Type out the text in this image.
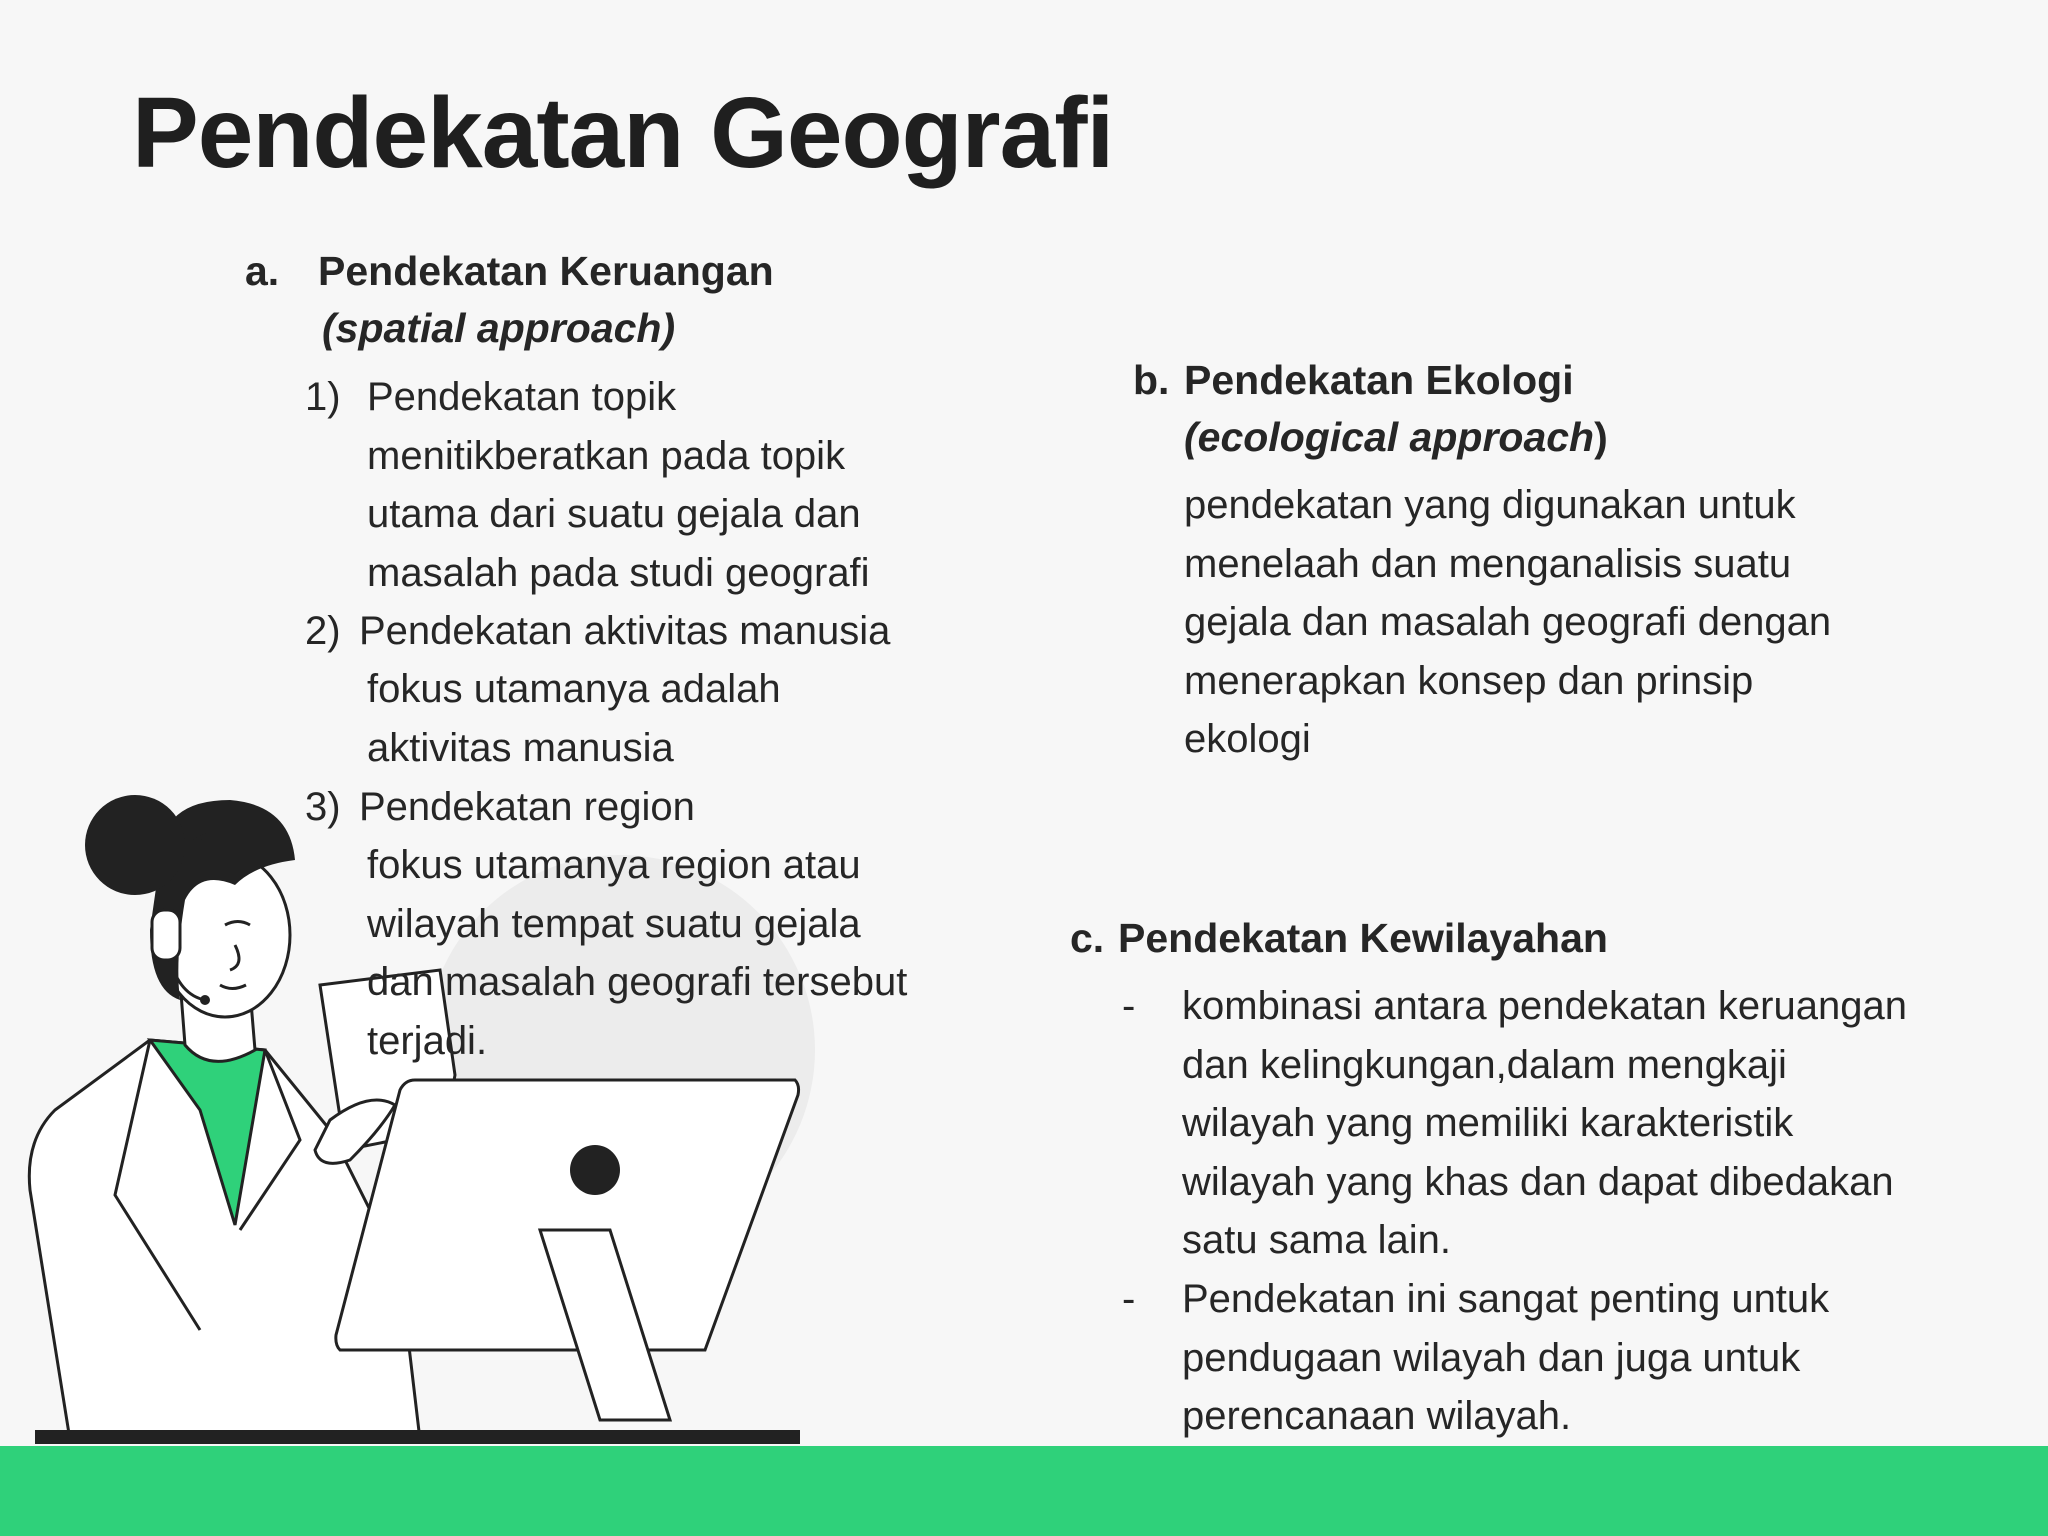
Pendekatan Geografi
a. Pendekatan Keruangan
(spatial approach)
1) Pendekatan topik
menitikberatkan pada topik
utama dari suatu gejala dan
masalah pada studi geografi
2) Pendekatan aktivitas manusia
fokus utamanya adalah
aktivitas manusia
3) Pendekatan region
fokus utamanya region atau
wilayah tempat suatu gejala
dan masalah geografi tersebut
terjadi.
b. Pendekatan Ekologi
(ecological approach)
pendekatan yang digunakan untuk
menelaah dan menganalisis suatu
gejala dan masalah geografi dengan
menerapkan konsep dan prinsip
ekologi
c. Pendekatan Kewilayahan
- kombinasi antara pendekatan keruangan
dan kelingkungan,dalam mengkaji
wilayah yang memiliki karakteristik
wilayah yang khas dan dapat dibedakan
satu sama lain.
- Pendekatan ini sangat penting untuk
pendugaan wilayah dan juga untuk
perencanaan wilayah.
